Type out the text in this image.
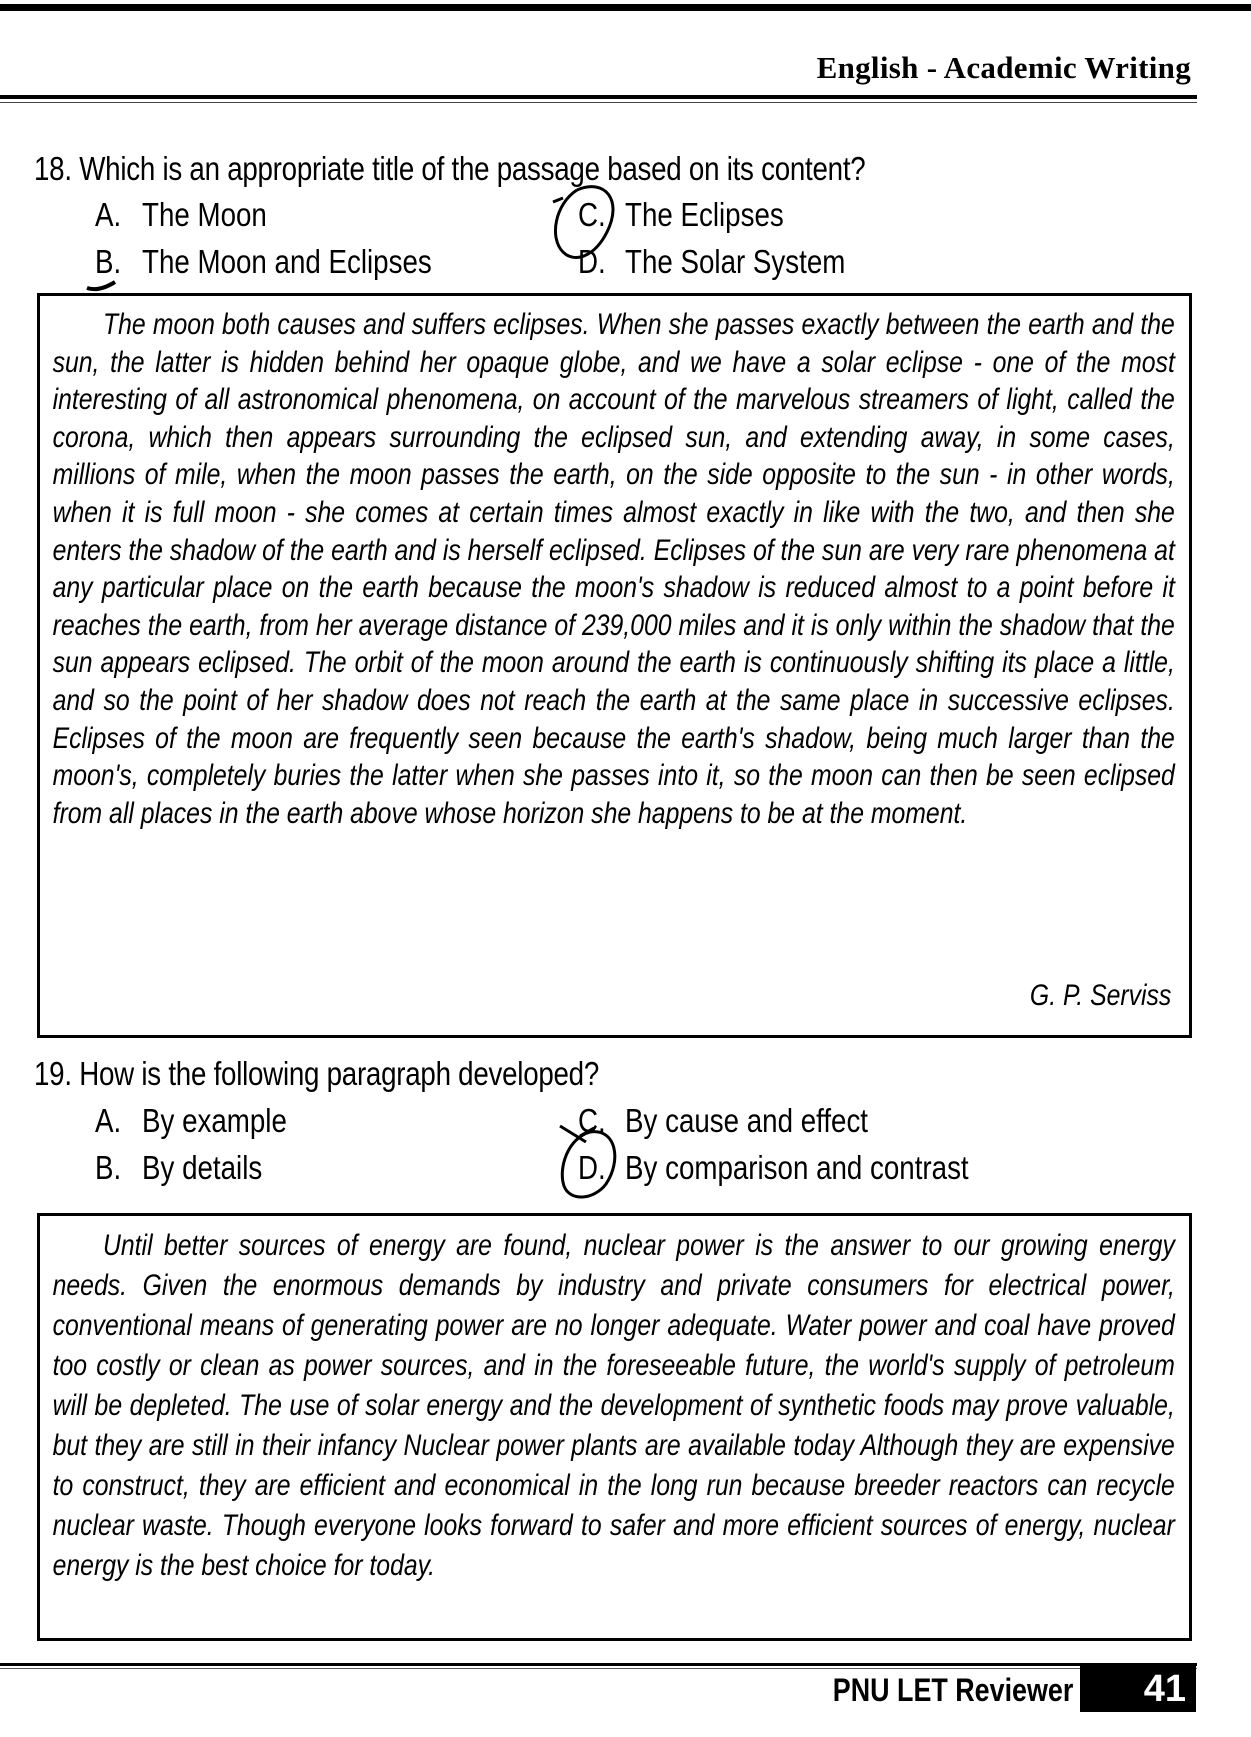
English - Academic Writing
18. Which is an appropriate title of the passage based on its content?
A. The Moon
B. The Moon and Eclipses
C. The Eclipses
D. The Solar System

The moon both causes and suffers eclipses. When she passes exactly between the earth and the sun, the latter is hidden behind her opaque globe, and we have a solar eclipse - one of the most interesting of all astronomical phenomena, on account of the marvelous streamers of light, called the corona, which then appears surrounding the eclipsed sun, and extending away, in some cases, millions of mile, when the moon passes the earth, on the side opposite to the sun - in other words, when it is full moon - she comes at certain times almost exactly in like with the two, and then she enters the shadow of the earth and is herself eclipsed. Eclipses of the sun are very rare phenomena at any particular place on the earth because the moon's shadow is reduced almost to a point before it reaches the earth, from her average distance of 239,000 miles and it is only within the shadow that the sun appears eclipsed. The orbit of the moon around the earth is continuously shifting its place a little, and so the point of her shadow does not reach the earth at the same place in successive eclipses. Eclipses of the moon are frequently seen because the earth's shadow, being much larger than the moon's, completely buries the latter when she passes into it, so the moon can then be seen eclipsed from all places in the earth above whose horizon she happens to be at the moment.

G. P. Serviss
19. How is the following paragraph developed?
A. By example
B. By details
C. By cause and effect
D. By comparison and contrast

Until better sources of energy are found, nuclear power is the answer to our growing energy needs. Given the enormous demands by industry and private consumers for electrical power, conventional means of generating power are no longer adequate. Water power and coal have proved too costly or clean as power sources, and in the foreseeable future, the world's supply of petroleum will be depleted. The use of solar energy and the development of synthetic foods may prove valuable, but they are still in their infancy Nuclear power plants are available today Although they are expensive to construct, they are efficient and economical in the long run because breeder reactors can recycle nuclear waste. Though everyone looks forward to safer and more efficient sources of energy, nuclear energy is the best choice for today.

PNU LET Reviewer	41
